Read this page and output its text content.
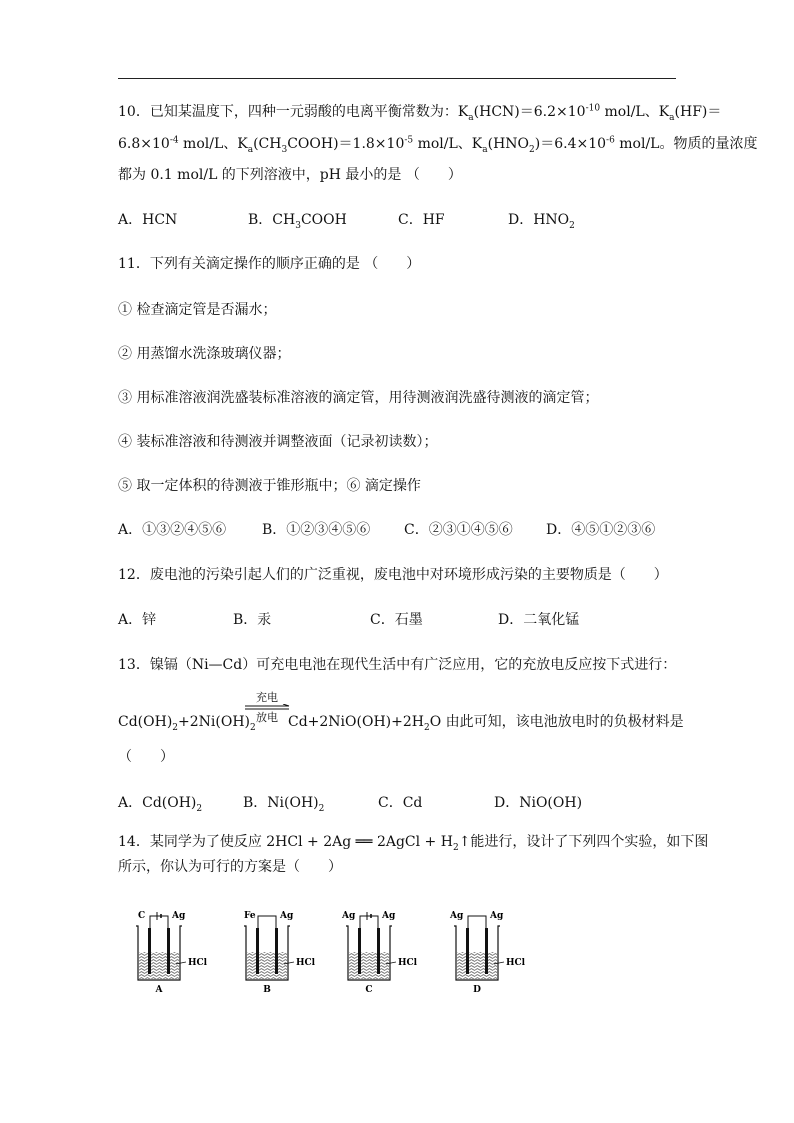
10．已知某温度下，四种一元弱酸的电离平衡常数为：$K_a(HCN)=6.2\times 10^{-10}$ mol/L、$K_a(HF)=$
$6.8\times 10^{-4}$ mol/L、$K_a(CH_3COOH)=1.8\times 10^{-5}$ mol/L、$K_a(HNO_2)=6.4\times 10^{-6}$ mol/L。物质的量浓度
都为 0.1 mol/L 的下列溶液中，pH 最小的是 （　　）
A．HCN	B．$CH_3COOH$	C．HF	D．$HNO_2$
11．下列有关滴定操作的顺序正确的是 （　　）
① 检查滴定管是否漏水；
② 用蒸馏水洗涤玻璃仪器；
③ 用标准溶液润洗盛装标准溶液的滴定管，用待测液润洗盛待测液的滴定管；
④ 装标准溶液和待测液并调整液面（记录初读数）；
⑤ 取一定体积的待测液于锥形瓶中；⑥ 滴定操作
A．①③②④⑤⑥	B．①②③④⑤⑥ C．②③①④⑤⑥ D．④⑤①②③⑥
12．废电池的污染引起人们的广泛重视，废电池中对环境形成污染的主要物质是（　　）
A．锌	B．汞	C．石墨	D．二氧化锰
13．镍镉（Ni—Cd）可充电电池在现代生活中有广泛应用，它的充放电反应按下式进行：
充电
放电
$Cd(OH)_2+2Ni(OH)_2$ $Cd+2NiO(OH)+2H_2O$ 由此可知，该电池放电时的负极材料是
（　　）
A．$Cd(OH)_2$	B．$Ni(OH)_2$	C．Cd	D．NiO(OH)
14．某同学为了使反应 2HCl + 2Ag ══ 2AgCl + $H_2↑$能进行，设计了下列四个实验，如下图
所示，你认为可行的方案是（　　）
C	Ag
HCl
A
Fe	Ag
HCl
B
Ag	Ag
HCl
C
Ag	Ag
HCl
D
